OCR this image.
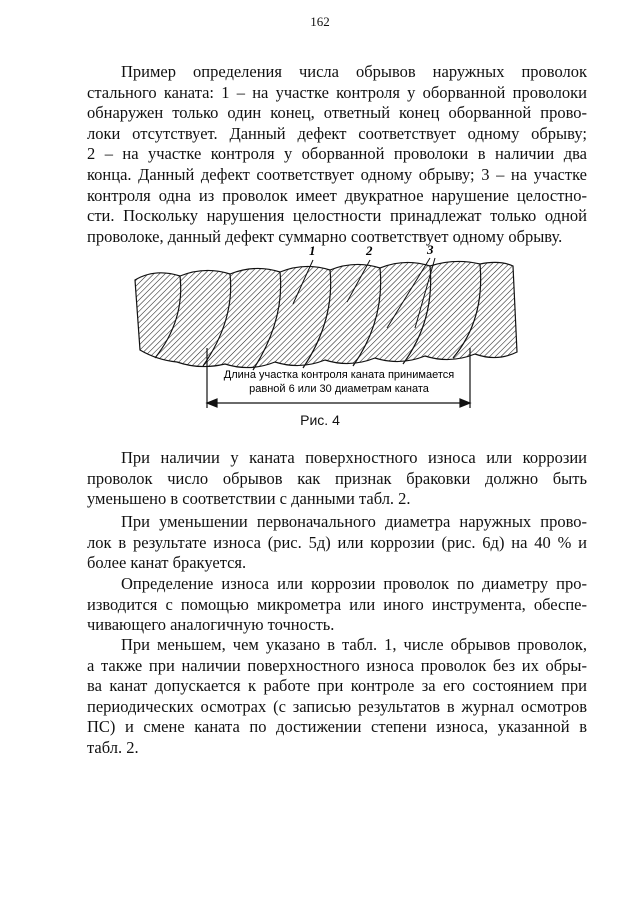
162
Пример определения числа обрывов наружных проволок
стального каната: 1 – на участке контроля у оборванной проволоки
обнаружен только один конец, ответный конец оборванной прово-
локи отсутствует. Данный дефект соответствует одному обрыву;
2 – на участке контроля у оборванной проволоки в наличии два
конца. Данный дефект соответствует одному обрыву; 3 – на участке
контроля одна из проволок имеет двукратное нарушение целостно-
сти. Поскольку нарушения целостности принадлежат только одной
проволоке, данный дефект суммарно соответствует одному обрыву.
1	2	3
Длина участка контроля каната принимается
равной 6 или 30 диаметрам каната
Рис. 4
При наличии у каната поверхностного износа или коррозии
проволок число обрывов как признак браковки должно быть
уменьшено в соответствии с данными табл. 2.
При уменьшении первоначального диаметра наружных прово-
лок в результате износа (рис. 5д) или коррозии (рис. 6д) на 40 % и
более канат бракуется.
Определение износа или коррозии проволок по диаметру про-
изводится с помощью микрометра или иного инструмента, обеспе-
чивающего аналогичную точность.
При меньшем, чем указано в табл. 1, числе обрывов проволок,
а также при наличии поверхностного износа проволок без их обры-
ва канат допускается к работе при контроле за его состоянием при
периодических осмотрах (с записью результатов в журнал осмотров
ПС) и смене каната по достижении степени износа, указанной в
табл. 2.
